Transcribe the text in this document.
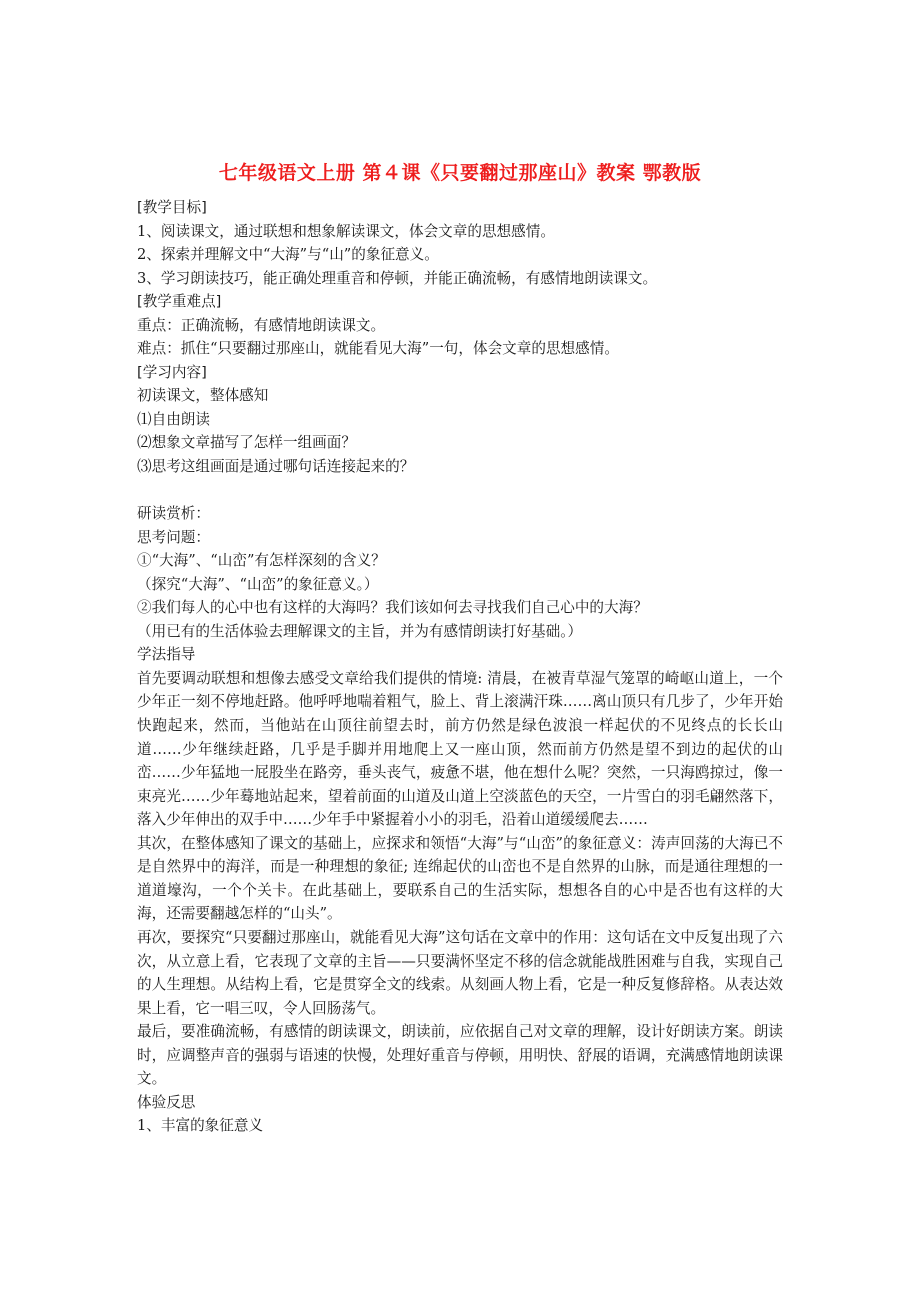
七年级语文上册 第４课《只要翻过那座山》教案 鄂教版
[教学目标]
1、阅读课文，通过联想和想象解读课文，体会文章的思想感情。
2、探索并理解文中“大海”与“山”的象征意义。
3、学习朗读技巧，能正确处理重音和停顿，并能正确流畅，有感情地朗读课文。
[教学重难点]
重点：正确流畅，有感情地朗读课文。
难点：抓住“只要翻过那座山，就能看见大海”一句，体会文章的思想感情。
[学习内容]
初读课文，整体感知
⑴自由朗读
⑵想象文章描写了怎样一组画面？
⑶思考这组画面是通过哪句话连接起来的？
研读赏析：
思考问题：
①“大海”、“山峦”有怎样深刻的含义？
（探究“大海”、“山峦”的象征意义。）
②我们每人的心中也有这样的大海吗？我们该如何去寻找我们自己心中的大海？
（用已有的生活体验去理解课文的主旨，并为有感情朗读打好基础。）
学法指导
首先要调动联想和想像去感受文章给我们提供的情境: 清晨，在被青草湿气笼罩的崎岖山道上，一个少年正一刻不停地赶路。他呼呼地喘着粗气，脸上、背上滚满汗珠……离山顶只有几步了，少年开始快跑起来，然而，当他站在山顶往前望去时，前方仍然是绿色波浪一样起伏的不见终点的长长山道……少年继续赶路，几乎是手脚并用地爬上又一座山顶，然而前方仍然是望不到边的起伏的山峦……少年猛地一屁股坐在路旁，垂头丧气，疲惫不堪，他在想什么呢？突然，一只海鸥掠过，像一束亮光……少年蓦地站起来，望着前面的山道及山道上空淡蓝色的天空，一片雪白的羽毛翩然落下，落入少年伸出的双手中……少年手中紧握着小小的羽毛，沿着山道缓缓爬去……
其次，在整体感知了课文的基础上，应探求和领悟“大海”与“山峦”的象征意义：涛声回荡的大海已不是自然界中的海洋，而是一种理想的象征; 连绵起伏的山峦也不是自然界的山脉，而是通往理想的一道道壕沟，一个个关卡。在此基础上，要联系自己的生活实际，想想各自的心中是否也有这样的大海，还需要翻越怎样的“山头”。
再次，要探究“只要翻过那座山，就能看见大海”这句话在文章中的作用：这句话在文中反复出现了六次，从立意上看，它表现了文章的主旨——只要满怀坚定不移的信念就能战胜困难与自我，实现自己的人生理想。从结构上看，它是贯穿全文的线索。从刻画人物上看，它是一种反复修辞格。从表达效果上看，它一唱三叹，令人回肠荡气。
最后，要准确流畅，有感情的朗读课文，朗读前，应依据自己对文章的理解，设计好朗读方案。朗读时，应调整声音的强弱与语速的快慢，处理好重音与停顿，用明快、舒展的语调，充满感情地朗读课文。
体验反思
1、丰富的象征意义
